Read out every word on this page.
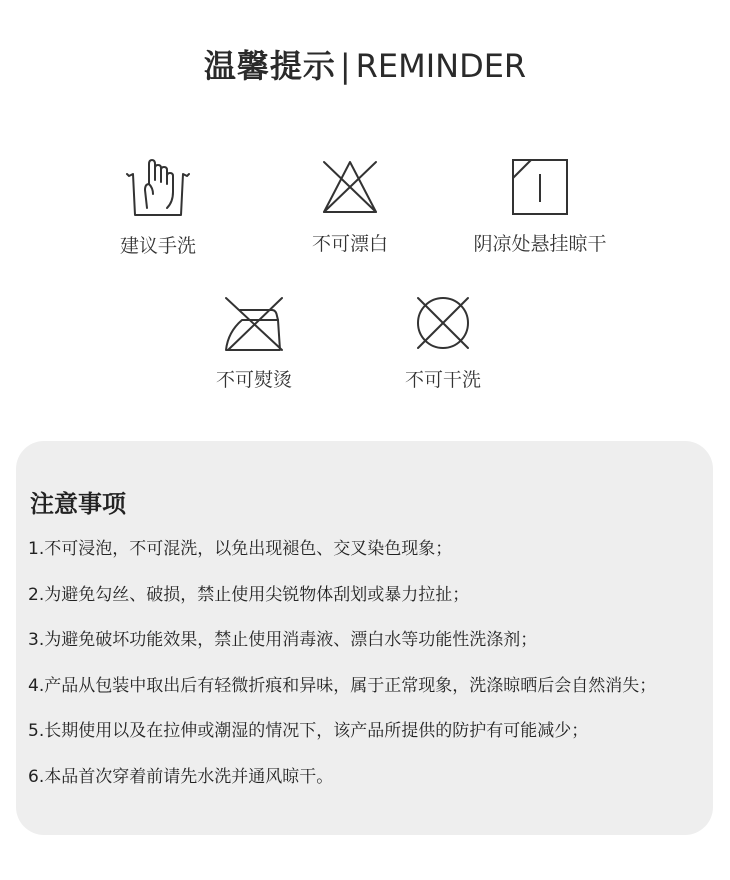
温馨提示 | REMINDER
建议手洗	不可漂白	阴凉处悬挂晾干
不可熨烫	不可干洗
注意事项
1.不可浸泡，不可混洗，以免出现褪色、交叉染色现象；
2.为避免勾丝、破损，禁止使用尖锐物体刮划或暴力拉扯；
3.为避免破坏功能效果，禁止使用消毒液、漂白水等功能性洗涤剂；
4.产品从包装中取出后有轻微折痕和异味，属于正常现象，洗涤晾晒后会自然消失；
5.长期使用以及在拉伸或潮湿的情况下，该产品所提供的防护有可能减少；
6.本品首次穿着前请先水洗并通风晾干。
